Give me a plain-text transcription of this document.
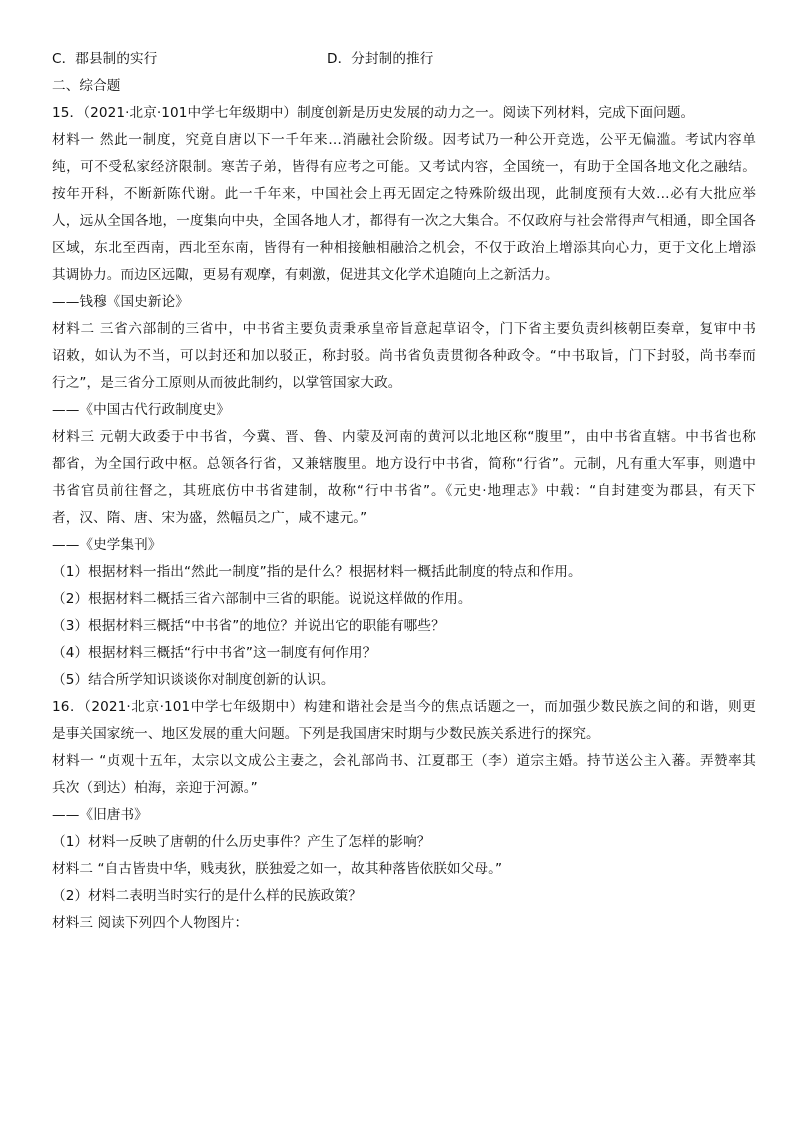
C．郡县制的实行	D．分封制的推行
二、综合题
15．（2021·北京·101中学七年级期中）制度创新是历史发展的动力之一。阅读下列材料，完成下面问题。
材料一 然此一制度，究竟自唐以下一千年来…消融社会阶级。因考试乃一种公开竞选，公平无偏滥。考试内容单
纯，可不受私家经济限制。寒苦子弟，皆得有应考之可能。又考试内容，全国统一，有助于全国各地文化之融结。
按年开科，不断新陈代谢。此一千年来，中国社会上再无固定之特殊阶级出现，此制度预有大效…必有大批应举
人，远从全国各地，一度集向中央，全国各地人才，都得有一次之大集合。不仅政府与社会常得声气相通，即全国各
区域，东北至西南，西北至东南，皆得有一种相接触相融洽之机会，不仅于政治上增添其向心力，更于文化上增添
其调协力。而边区远陬，更易有观摩，有刺激，促进其文化学术追随向上之新活力。
——钱穆《国史新论》
材料二 三省六部制的三省中，中书省主要负责秉承皇帝旨意起草诏令，门下省主要负责纠核朝臣奏章，复审中书
诏敕，如认为不当，可以封还和加以驳正，称封驳。尚书省负责贯彻各种政令。“中书取旨，门下封驳，尚书奉而
行之”，是三省分工原则从而彼此制约，以掌管国家大政。
——《中国古代行政制度史》
材料三 元朝大政委于中书省，今冀、晋、鲁、内蒙及河南的黄河以北地区称“腹里”，由中书省直辖。中书省也称
都省，为全国行政中枢。总领各行省，又兼辖腹里。地方设行中书省，简称“行省”。元制，凡有重大军事，则遣中
书省官员前往督之，其班底仿中书省建制，故称“行中书省”。《元史·地理志》中载：“自封建变为郡县，有天下
者，汉、隋、唐、宋为盛，然幅员之广，咸不逮元。”
——《史学集刊》
（1）根据材料一指出“然此一制度”指的是什么？根据材料一概括此制度的特点和作用。
（2）根据材料二概括三省六部制中三省的职能。说说这样做的作用。
（3）根据材料三概括“中书省”的地位？并说出它的职能有哪些？
（4）根据材料三概括“行中书省”这一制度有何作用？
（5）结合所学知识谈谈你对制度创新的认识。
16．（2021·北京·101中学七年级期中）构建和谐社会是当今的焦点话题之一，而加强少数民族之间的和谐，则更
是事关国家统一、地区发展的重大问题。下列是我国唐宋时期与少数民族关系进行的探究。
材料一 “贞观十五年，太宗以文成公主妻之，会礼部尚书、江夏郡王（李）道宗主婚。持节送公主入蕃。弄赞率其
兵次（到达）柏海，亲迎于河源。”
——《旧唐书》
（1）材料一反映了唐朝的什么历史事件？产生了怎样的影响？
材料二 “自古皆贵中华，贱夷狄，朕独爱之如一，故其种落皆依朕如父母。”
（2）材料二表明当时实行的是什么样的民族政策？
材料三 阅读下列四个人物图片：
